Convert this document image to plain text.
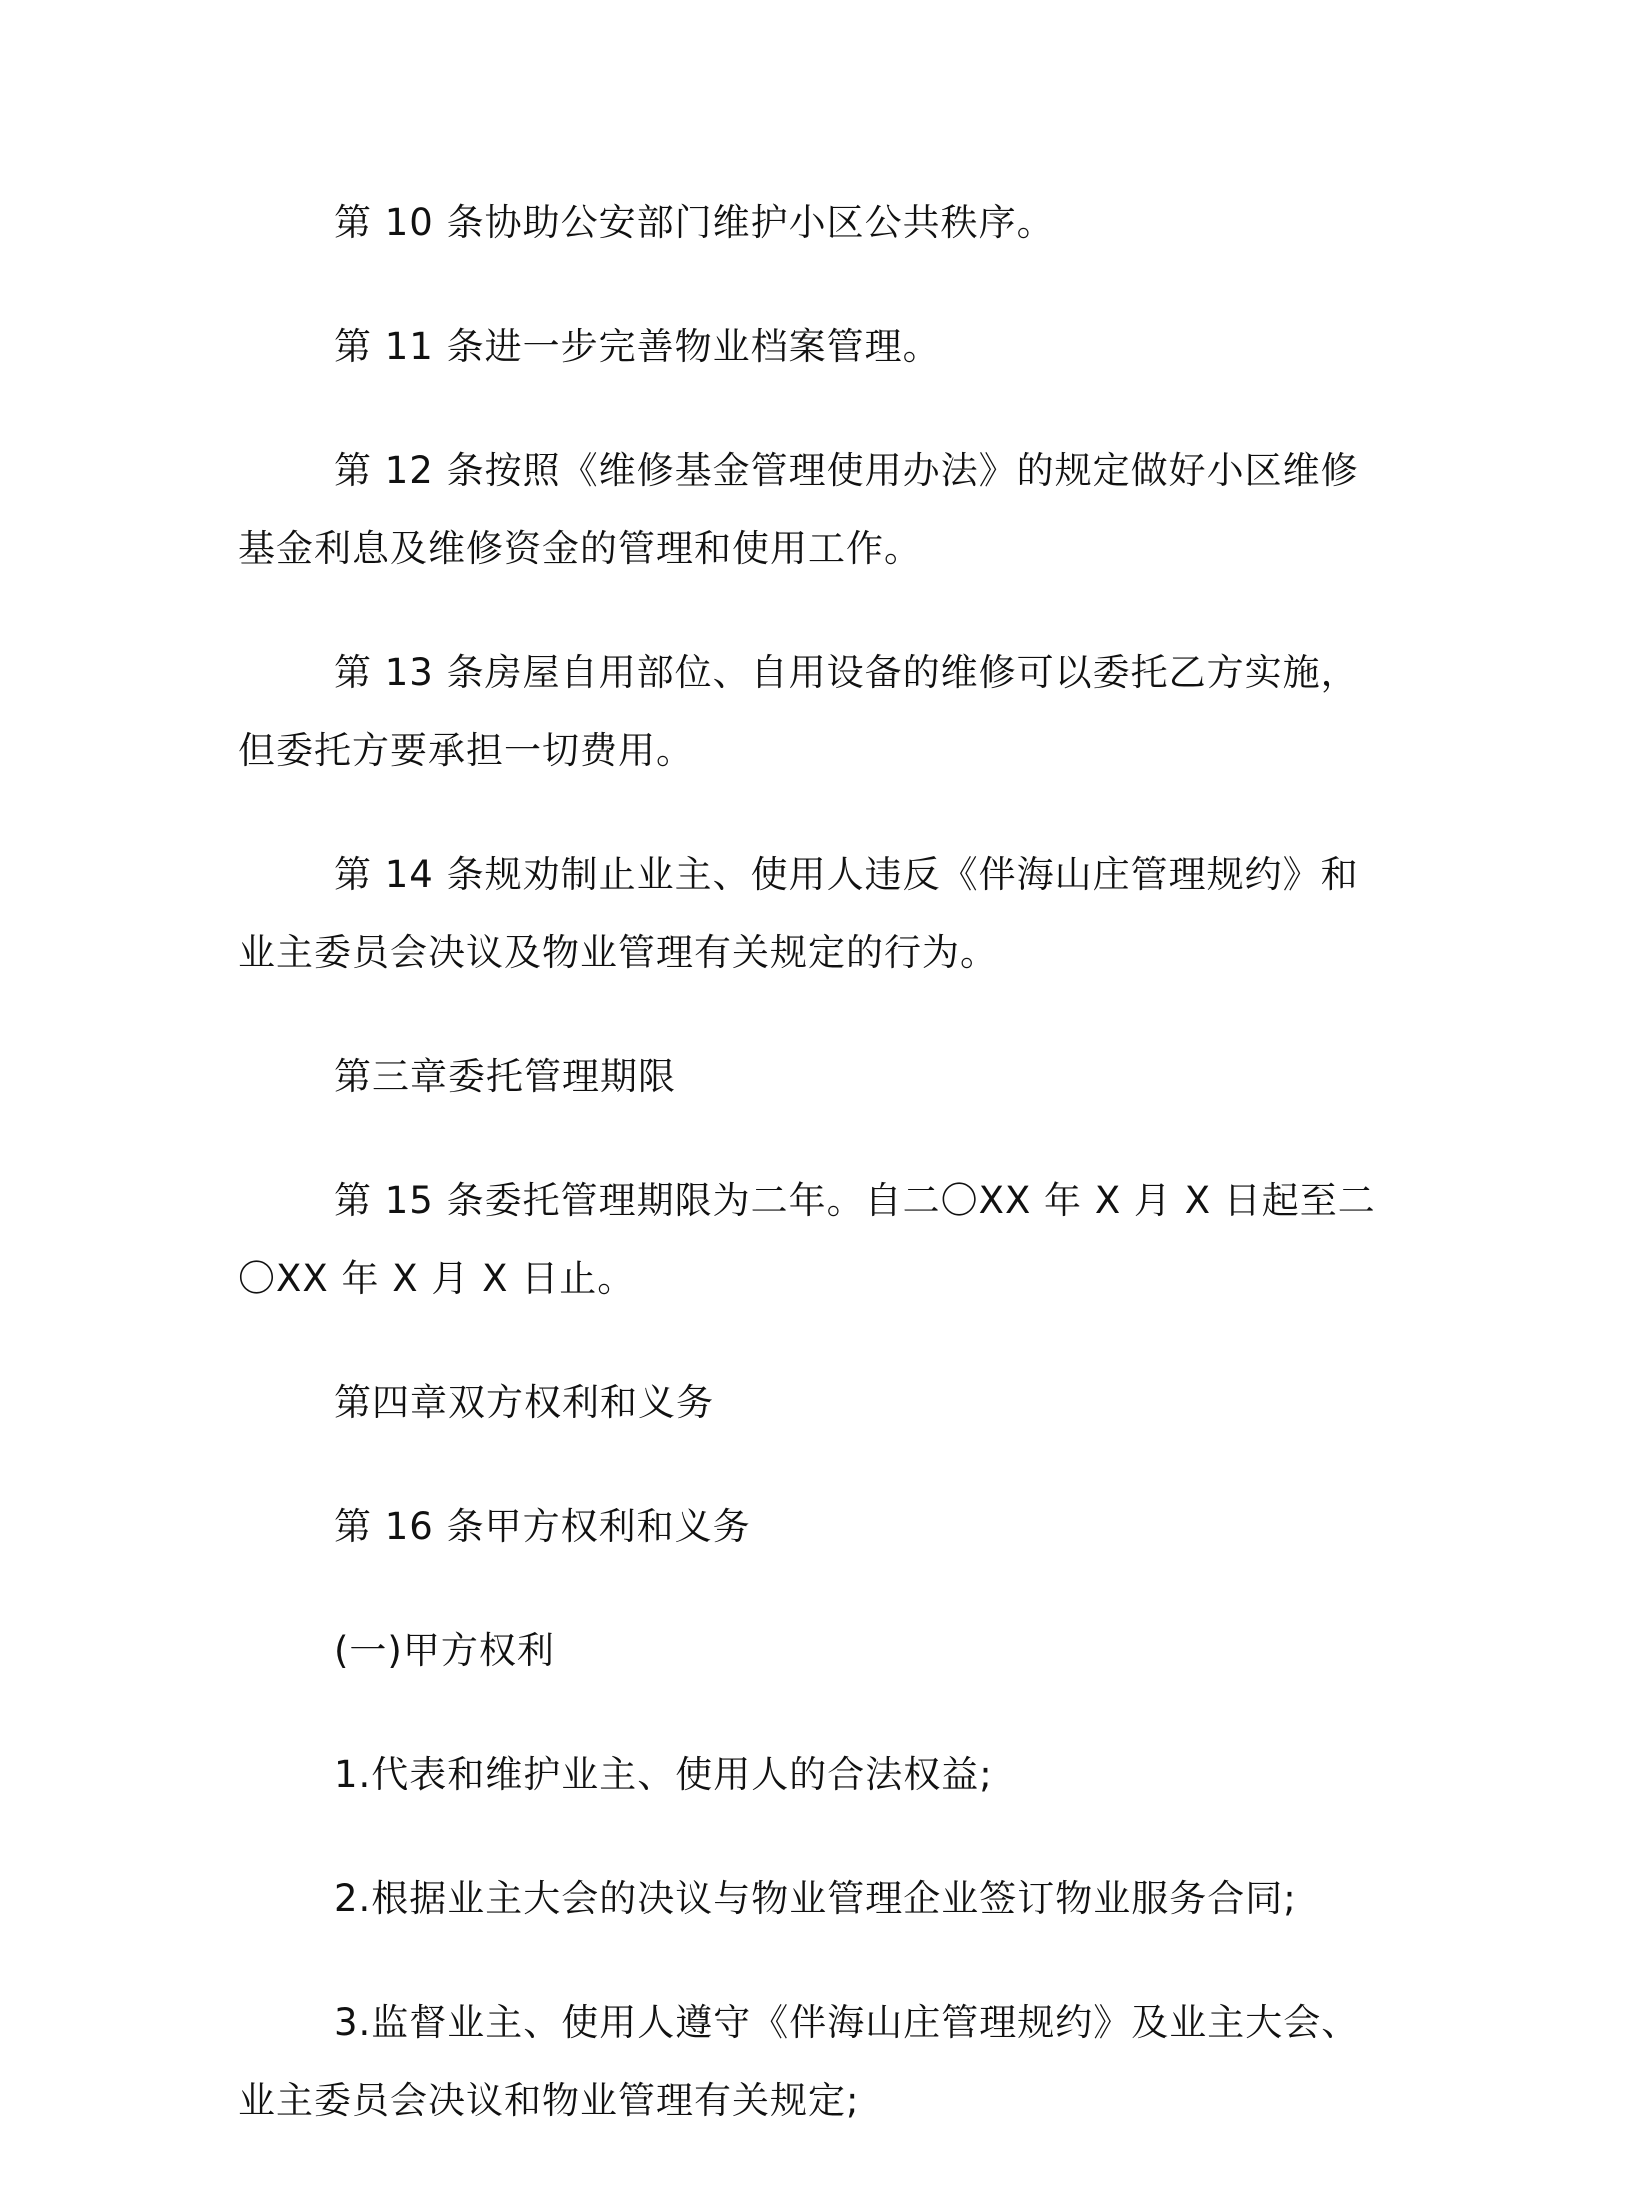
第 10 条协助公安部门维护小区公共秩序。

第 11 条进一步完善物业档案管理。

第 12 条按照《维修基金管理使用办法》的规定做好小区维修基金利息及维修资金的管理和使用工作。

第 13 条房屋自用部位、自用设备的维修可以委托乙方实施，但委托方要承担一切费用。

第 14 条规劝制止业主、使用人违反《伴海山庄管理规约》和业主委员会决议及物业管理有关规定的行为。

第三章委托管理期限

第 15 条委托管理期限为二年。自二〇XX 年 X 月 X 日起至二〇XX 年 X 月 X 日止。

第四章双方权利和义务

第 16 条甲方权利和义务

(一)甲方权利

1.代表和维护业主、使用人的合法权益;

2.根据业主大会的决议与物业管理企业签订物业服务合同;

3.监督业主、使用人遵守《伴海山庄管理规约》及业主大会、业主委员会决议和物业管理有关规定;
